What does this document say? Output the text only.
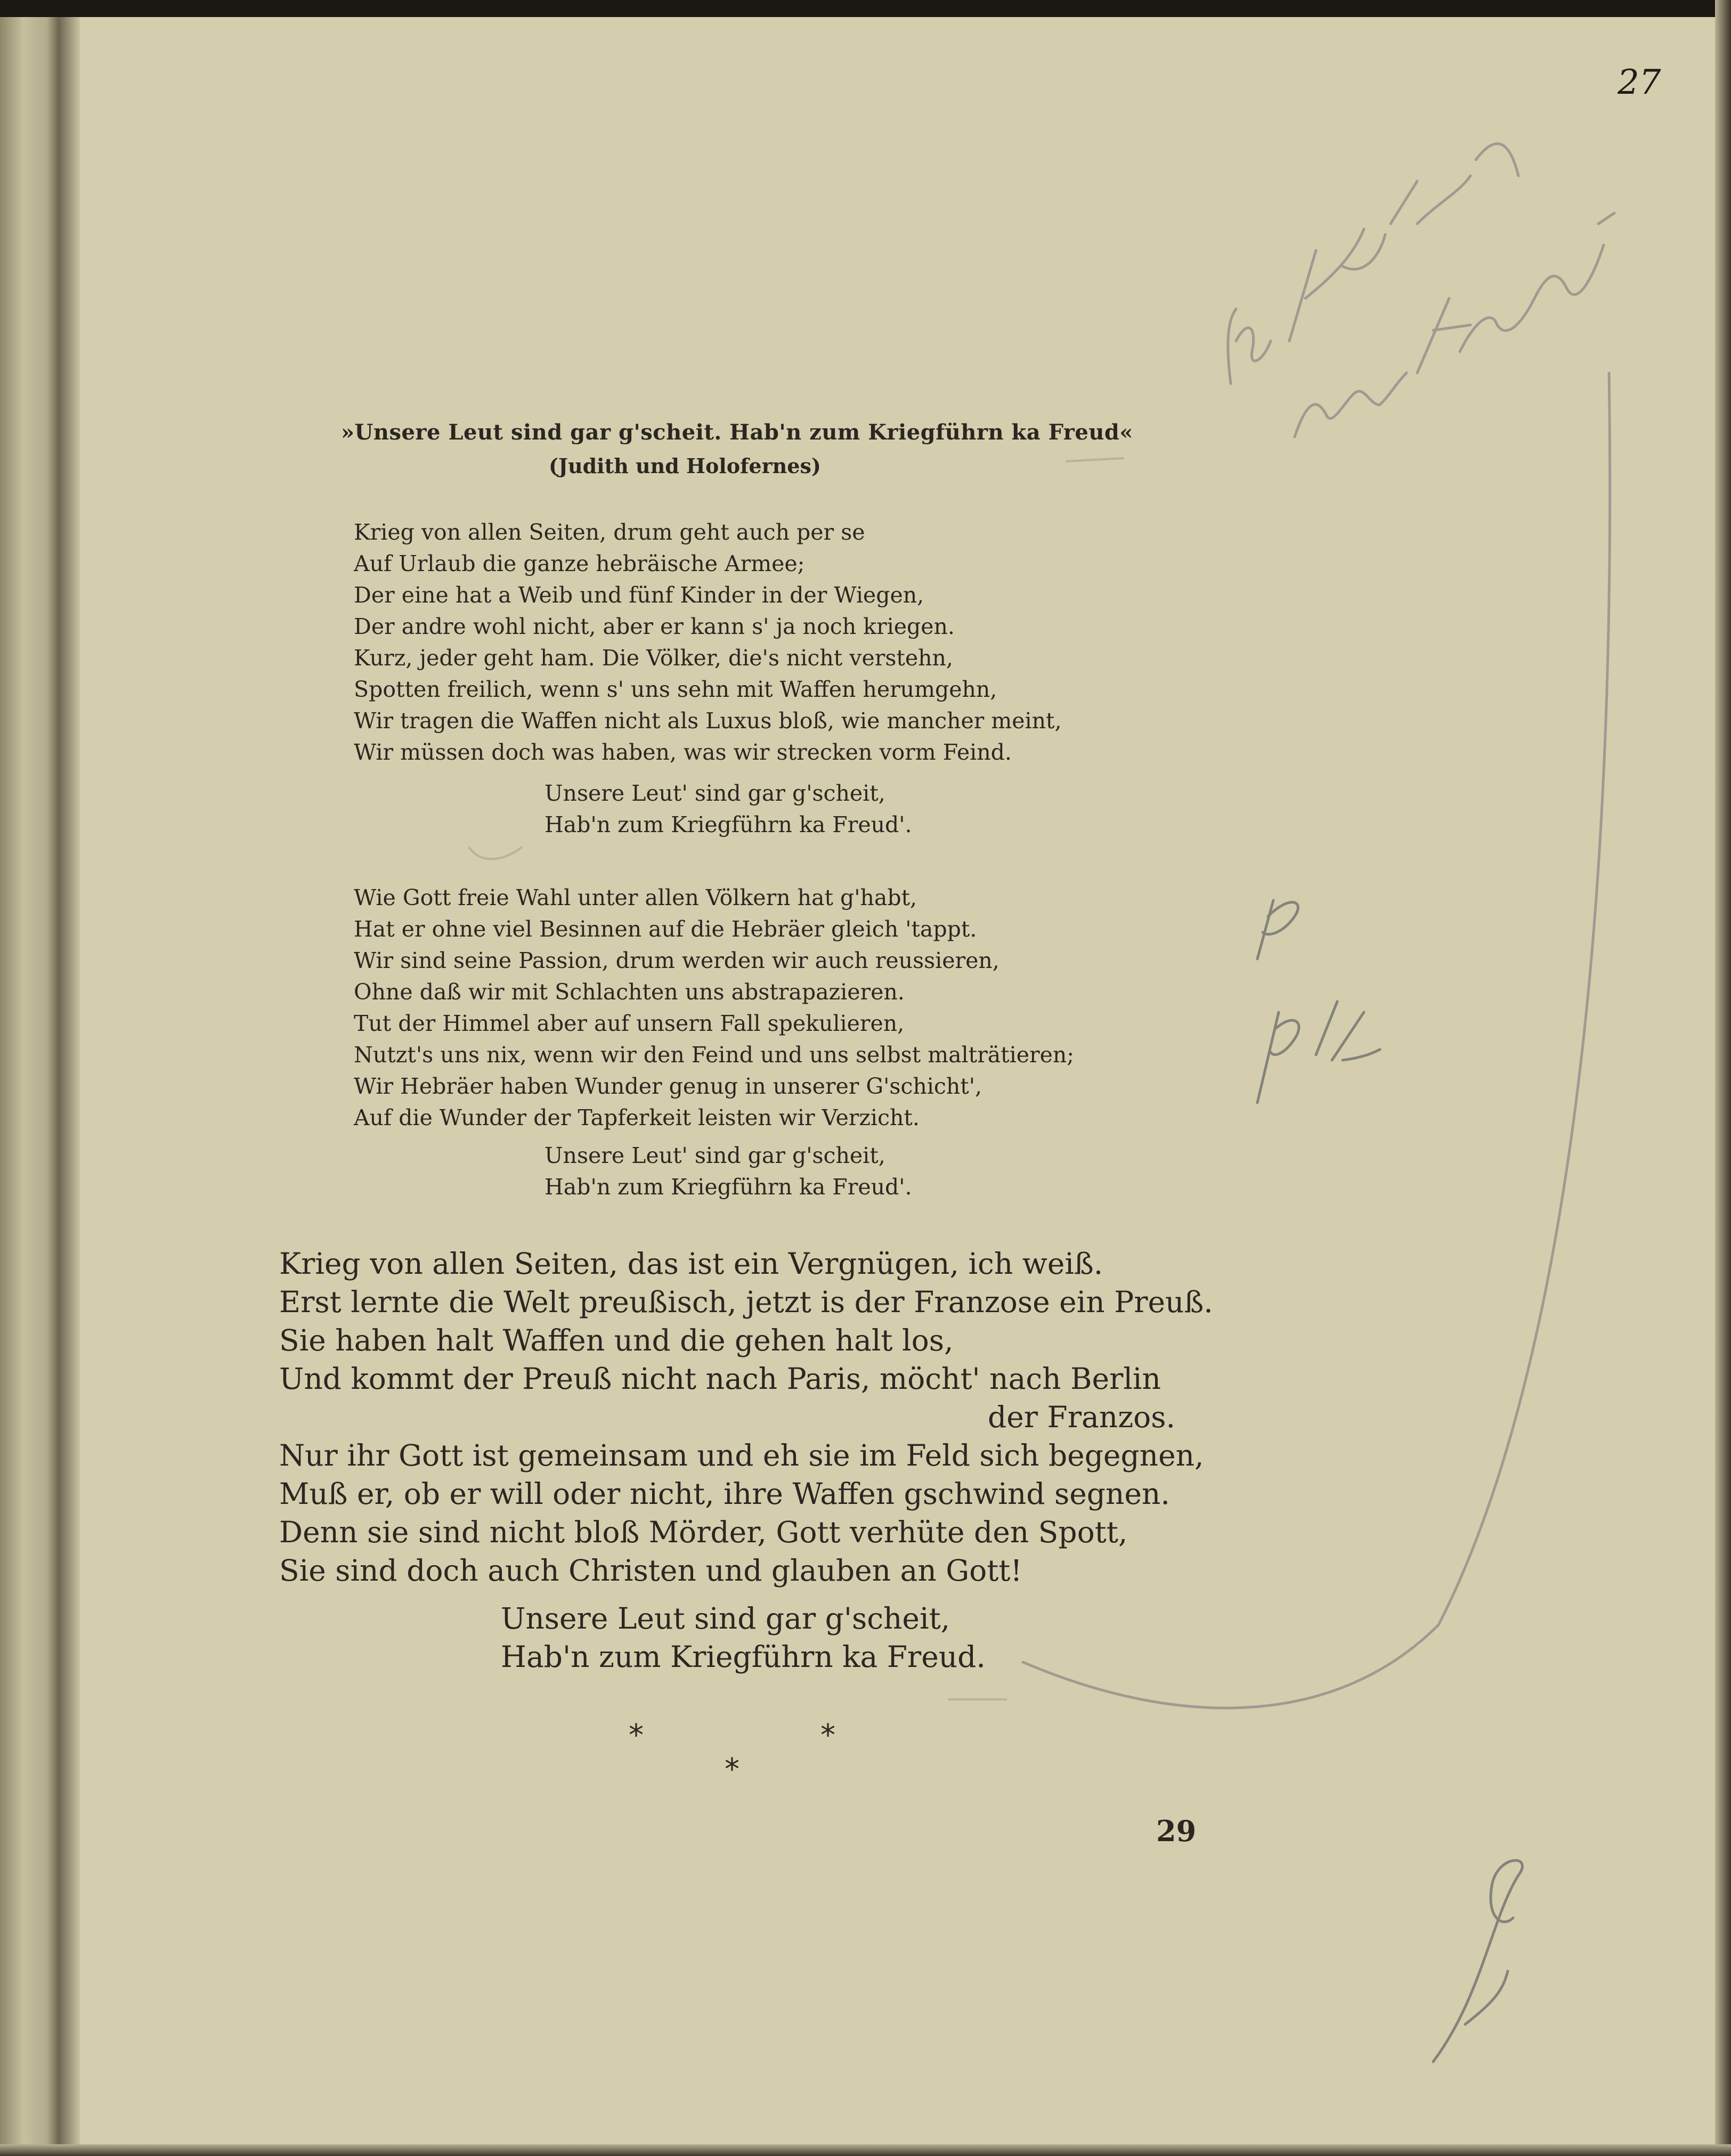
27
»Unsere Leut sind gar g'scheit. Hab'n zum Kriegführn ka Freud«
(Judith und Holofernes)
Krieg von allen Seiten, drum geht auch per se
Auf Urlaub die ganze hebräische Armee;
Der eine hat a Weib und fünf Kinder in der Wiegen,
Der andre wohl nicht, aber er kann s' ja noch kriegen.
Kurz, jeder geht ham. Die Völker, die's nicht verstehn,
Spotten freilich, wenn s' uns sehn mit Waffen herumgehn,
Wir tragen die Waffen nicht als Luxus bloß, wie mancher meint,
Wir müssen doch was haben, was wir strecken vorm Feind.
Unsere Leut' sind gar g'scheit,
Hab'n zum Kriegführn ka Freud'.
Wie Gott freie Wahl unter allen Völkern hat g'habt,
Hat er ohne viel Besinnen auf die Hebräer gleich 'tappt.
Wir sind seine Passion, drum werden wir auch reussieren,
Ohne daß wir mit Schlachten uns abstrapazieren.
Tut der Himmel aber auf unsern Fall spekulieren,
Nutzt's uns nix, wenn wir den Feind und uns selbst malträtieren;
Wir Hebräer haben Wunder genug in unserer G'schicht',
Auf die Wunder der Tapferkeit leisten wir Verzicht.
Unsere Leut' sind gar g'scheit,
Hab'n zum Kriegführn ka Freud'.
Krieg von allen Seiten, das ist ein Vergnügen, ich weiß.
Erst lernte die Welt preußisch, jetzt is der Franzose ein Preuß.
Sie haben halt Waffen und die gehen halt los,
Und kommt der Preuß nicht nach Paris, möcht' nach Berlin
der Franzos.
Nur ihr Gott ist gemeinsam und eh sie im Feld sich begegnen,
Muß er, ob er will oder nicht, ihre Waffen gschwind segnen.
Denn sie sind nicht bloß Mörder, Gott verhüte den Spott,
Sie sind doch auch Christen und glauben an Gott!
Unsere Leut sind gar g'scheit,
Hab'n zum Kriegführn ka Freud.
*	*
*
29
